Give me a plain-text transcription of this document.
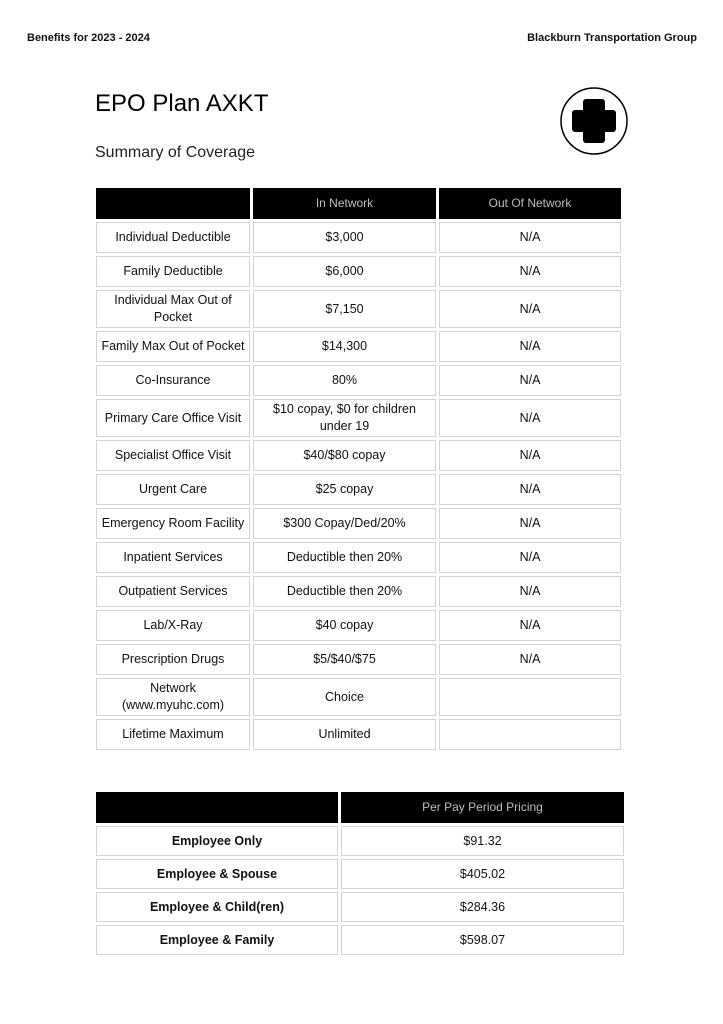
Benefits for 2023 - 2024	Blackburn Transportation Group
EPO Plan AXKT
Summary of Coverage
	In Network	Out Of Network
Individual Deductible	$3,000	N/A
Family Deductible	$6,000	N/A
Individual Max Out of Pocket	$7,150	N/A
Family Max Out of Pocket	$14,300	N/A
Co-Insurance	80%	N/A
Primary Care Office Visit	$10 copay, $0 for children under 19	N/A
Specialist Office Visit	$40/$80 copay	N/A
Urgent Care	$25 copay	N/A
Emergency Room Facility	$300 Copay/Ded/20%	N/A
Inpatient Services	Deductible then 20%	N/A
Outpatient Services	Deductible then 20%	N/A
Lab/X-Ray	$40 copay	N/A
Prescription Drugs	$5/$40/$75	N/A
Network (www.myuhc.com)	Choice	
Lifetime Maximum	Unlimited	
	Per Pay Period Pricing
Employee Only	$91.32
Employee & Spouse	$405.02
Employee & Child(ren)	$284.36
Employee & Family	$598.07
